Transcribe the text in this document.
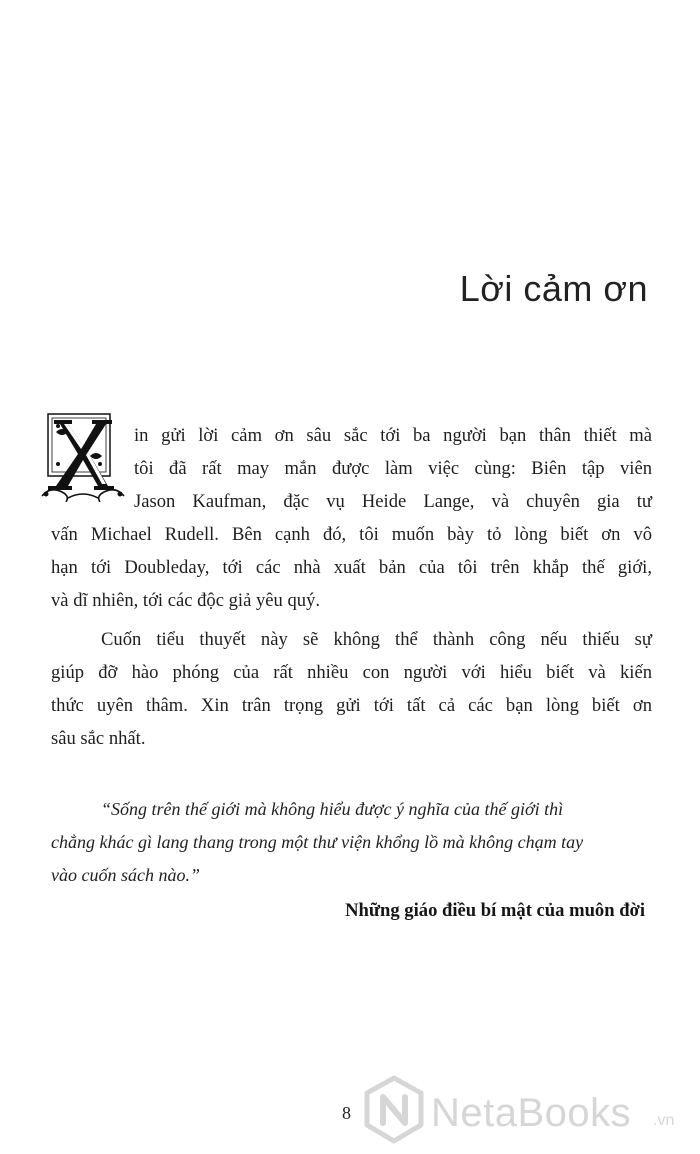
Lời cảm ơn
in gửi lời cảm ơn sâu sắc tới ba người bạn thân thiết mà
tôi đã rất may mắn được làm việc cùng: Biên tập viên
Jason Kaufman, đặc vụ Heide Lange, và chuyên gia tư
vấn Michael Rudell. Bên cạnh đó, tôi muốn bày tỏ lòng biết ơn vô
hạn tới Doubleday, tới các nhà xuất bản của tôi trên khắp thế giới,
và dĩ nhiên, tới các độc giả yêu quý.
Cuốn tiểu thuyết này sẽ không thể thành công nếu thiếu sự
giúp đỡ hào phóng của rất nhiều con người với hiểu biết và kiến
thức uyên thâm. Xin trân trọng gửi tới tất cả các bạn lòng biết ơn
sâu sắc nhất.
“Sống trên thế giới mà không hiểu được ý nghĩa của thế giới thì
chẳng khác gì lang thang trong một thư viện khổng lồ mà không chạm tay
vào cuốn sách nào.”
Những giáo điều bí mật của muôn đời
8 NetaBooks .vn
